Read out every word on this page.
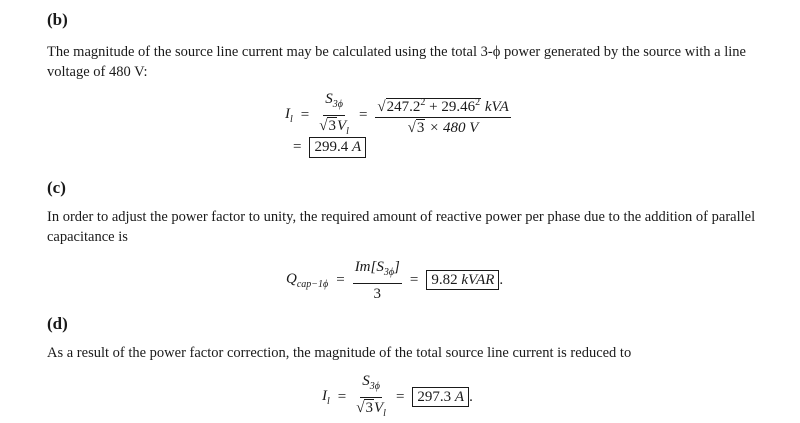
(b)
The magnitude of the source line current may be calculated using the total 3-ϕ power generated by the source with a line voltage of 480 V:
$I_l = \frac{S_{3\phi}}{√3V_l} = \frac{√247.2^2 + 29.46^2 kVA}{√3 \times 480 V}$
= 299.4 A
(c)
In order to adjust the power factor to unity, the required amount of reactive power per phase due to the addition of parallel capacitance is
$Q_{cap-1\phi} = \frac{Im[S_{3\phi}]}{3} = 9.82$ kVAR .
(d)
As a result of the power factor correction, the magnitude of the total source line current is reduced to
$I_l = \frac{S_{3\phi}}{√3V_l} = 297.3$ A .
